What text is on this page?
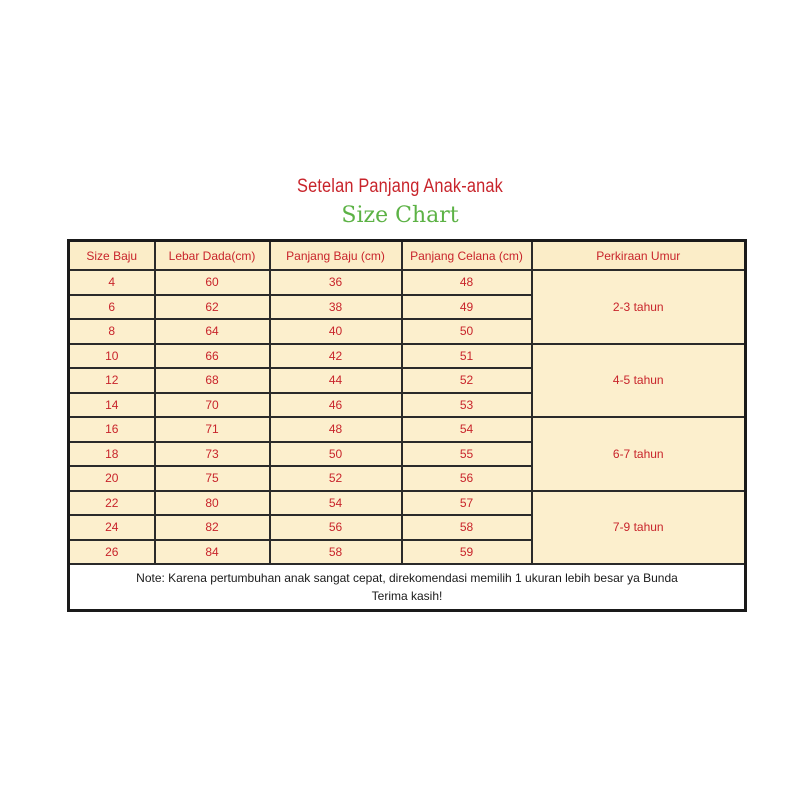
Setelan Panjang Anak-anak
Size Chart
Size Baju	Lebar Dada(cm)	Panjang Baju (cm)	Panjang Celana (cm)	Perkiraan Umur
4	60	36	48	2-3 tahun
6	62	38	49	
8	64	40	50	
10	66	42	51	4-5 tahun
12	68	44	52	
14	70	46	53	
16	71	48	54	6-7 tahun
18	73	50	55	
20	75	52	56	
22	80	54	57	7-9 tahun
24	82	56	58	
26	84	58	59	

Note: Karena pertumbuhan anak sangat cepat, direkomendasi memilih 1 ukuran lebih besar ya Bunda
Terima kasih!				
